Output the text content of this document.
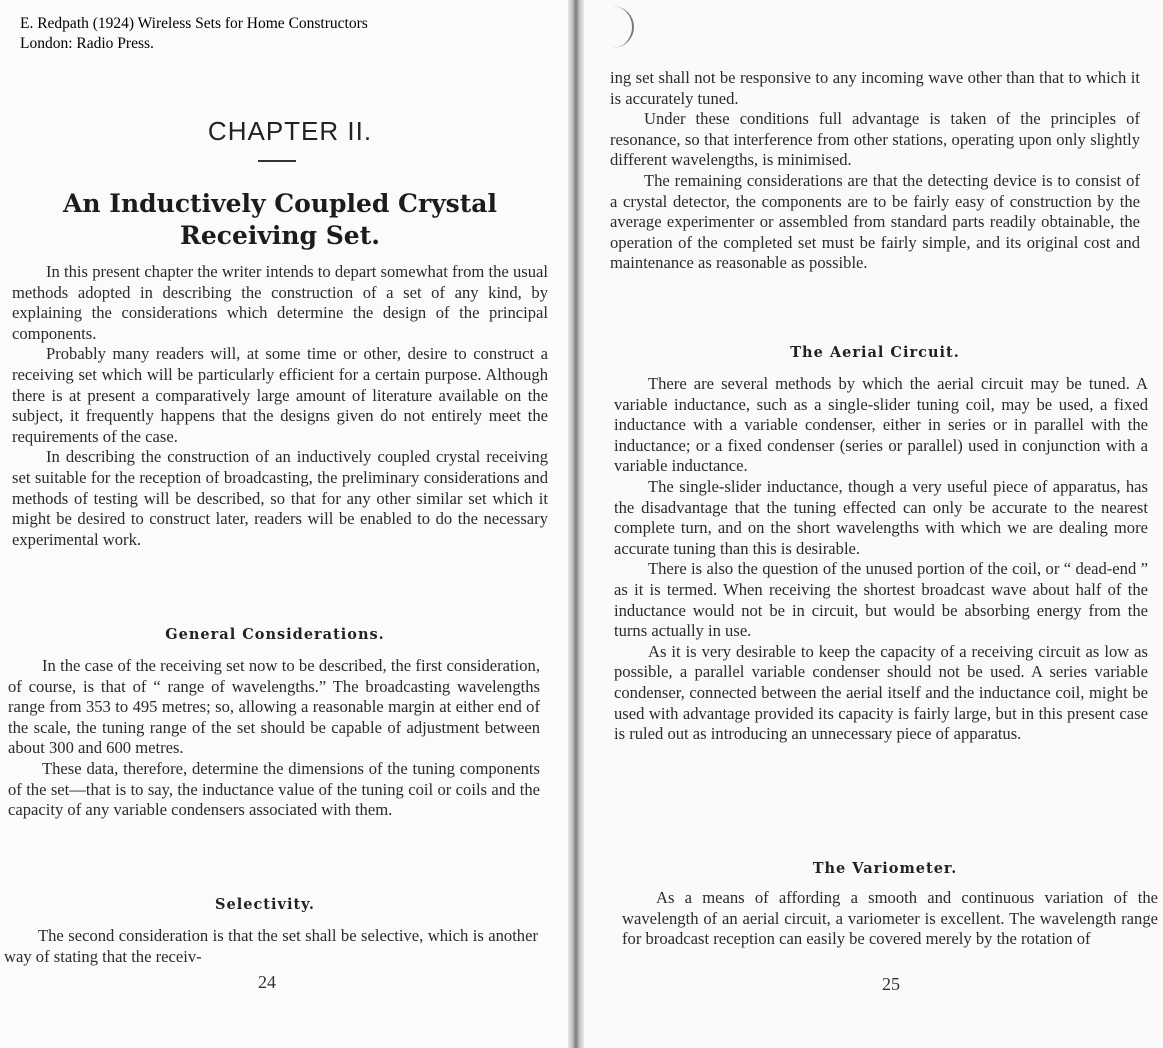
E. Redpath (1924) Wireless Sets for Home Constructors
London: Radio Press.
CHAPTER II.
An Inductively Coupled Crystal
Receiving Set.

In this present chapter the writer intends to depart somewhat from the usual methods adopted in describing the construction of a set of any kind, by explaining the considerations which determine the design of the principal components.

Probably many readers will, at some time or other, desire to construct a receiving set which will be particularly efficient for a certain purpose. Although there is at present a comparatively large amount of literature available on the subject, it frequently happens that the designs given do not entirely meet the requirements of the case.

In describing the construction of an inductively coupled crystal receiving set suitable for the reception of broadcasting, the preliminary considerations and methods of testing will be described, so that for any other similar set which it might be desired to construct later, readers will be enabled to do the necessary experimental work.

General Considerations.

In the case of the receiving set now to be described, the first consideration, of course, is that of “ range of wavelengths.” The broadcasting wavelengths range from 353 to 495 metres; so, allowing a reasonable margin at either end of the scale, the tuning range of the set should be capable of adjustment between about 300 and 600 metres.

These data, therefore, determine the dimensions of the tuning components of the set—that is to say, the inductance value of the tuning coil or coils and the capacity of any variable condensers associated with them.

Selectivity.

The second consideration is that the set shall be selective, which is another way of stating that the receiv-

24

ing set shall not be responsive to any incoming wave other than that to which it is accurately tuned.

Under these conditions full advantage is taken of the principles of resonance, so that interference from other stations, operating upon only slightly different wavelengths, is minimised.

The remaining considerations are that the detecting device is to consist of a crystal detector, the components are to be fairly easy of construction by the average experimenter or assembled from standard parts readily obtainable, the operation of the completed set must be fairly simple, and its original cost and maintenance as reasonable as possible.

The Aerial Circuit.

There are several methods by which the aerial circuit may be tuned. A variable inductance, such as a single-slider tuning coil, may be used, a fixed inductance with a variable condenser, either in series or in parallel with the inductance; or a fixed condenser (series or parallel) used in conjunction with a variable inductance.

The single-slider inductance, though a very useful piece of apparatus, has the disadvantage that the tuning effected can only be accurate to the nearest complete turn, and on the short wavelengths with which we are dealing more accurate tuning than this is desirable.

There is also the question of the unused portion of the coil, or “ dead-end ” as it is termed. When receiving the shortest broadcast wave about half of the inductance would not be in circuit, but would be absorbing energy from the turns actually in use.

As it is very desirable to keep the capacity of a receiving circuit as low as possible, a parallel variable condenser should not be used. A series variable condenser, connected between the aerial itself and the inductance coil, might be used with advantage provided its capacity is fairly large, but in this present case is ruled out as introducing an unnecessary piece of apparatus.

The Variometer.

As a means of affording a smooth and continuous variation of the wavelength of an aerial circuit, a variometer is excellent. The wavelength range for broadcast reception can easily be covered merely by the rotation of

25
